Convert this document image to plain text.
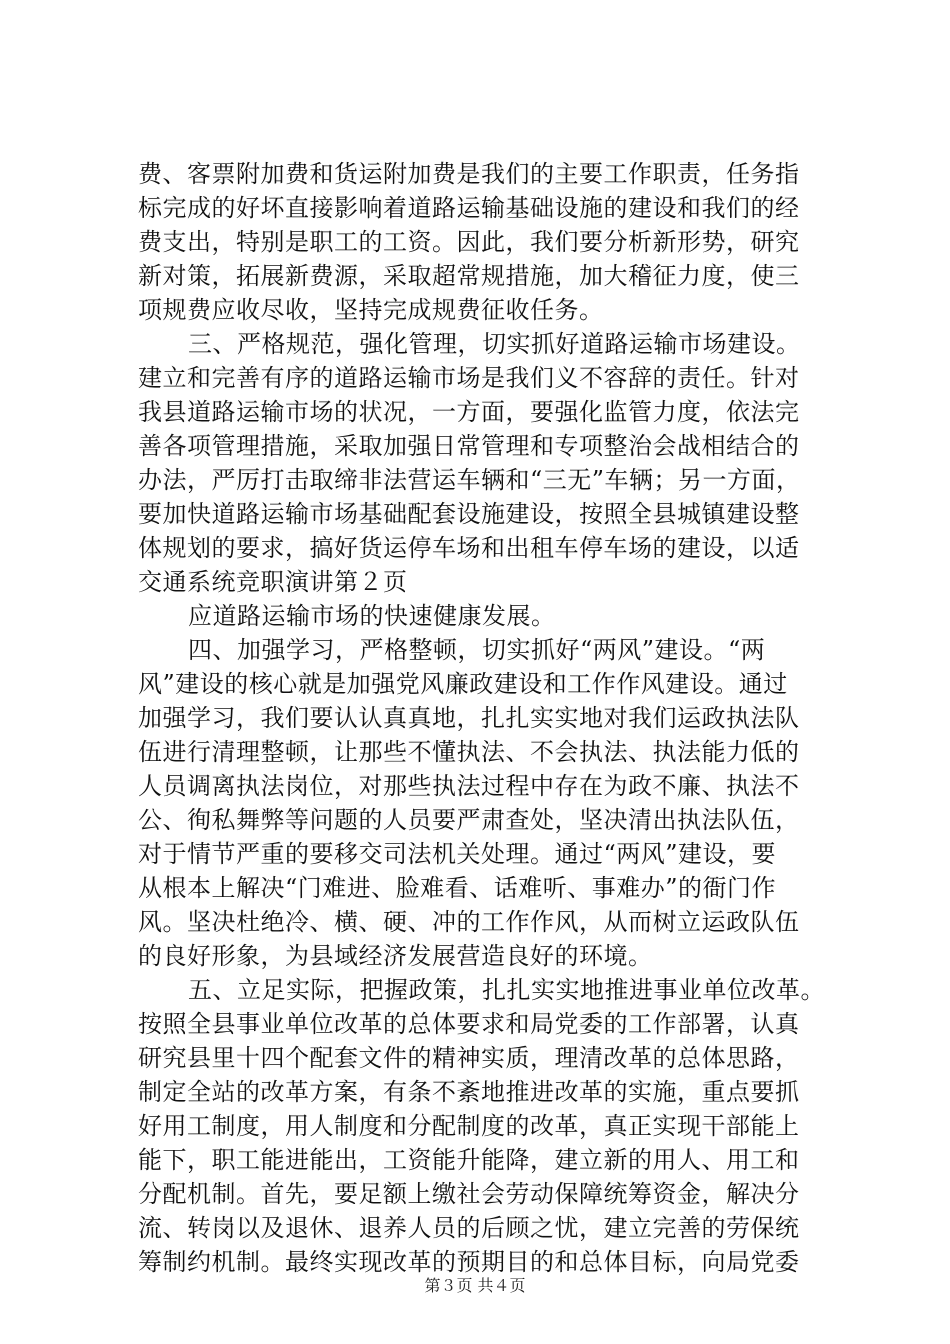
费、客票附加费和货运附加费是我们的主要工作职责，任务指
标完成的好坏直接影响着道路运输基础设施的建设和我们的经
费支出，特别是职工的工资。因此，我们要分析新形势，研究
新对策，拓展新费源，采取超常规措施，加大稽征力度，使三
项规费应收尽收，坚持完成规费征收任务。
三、严格规范，强化管理，切实抓好道路运输市场建设。
建立和完善有序的道路运输市场是我们义不容辞的责任。针对
我县道路运输市场的状况，一方面，要强化监管力度，依法完
善各项管理措施，采取加强日常管理和专项整治会战相结合的
办法，严厉打击取缔非法营运车辆和“三无”车辆；另一方面，
要加快道路运输市场基础配套设施建设，按照全县城镇建设整
体规划的要求，搞好货运停车场和出租车停车场的建设，以适
交通系统竞职演讲第２页
应道路运输市场的快速健康发展。
四、加强学习，严格整顿，切实抓好“两风”建设。“两
风”建设的核心就是加强党风廉政建设和工作作风建设。通过
加强学习，我们要认认真真地，扎扎实实地对我们运政执法队
伍进行清理整顿，让那些不懂执法、不会执法、执法能力低的
人员调离执法岗位，对那些执法过程中存在为政不廉、执法不
公、徇私舞弊等问题的人员要严肃查处，坚决清出执法队伍，
对于情节严重的要移交司法机关处理。通过“两风”建设，要
从根本上解决“门难进、脸难看、话难听、事难办”的衙门作
风。坚决杜绝冷、横、硬、冲的工作作风，从而树立运政队伍
的良好形象，为县域经济发展营造良好的环境。
五、立足实际，把握政策，扎扎实实地推进事业单位改革。
按照全县事业单位改革的总体要求和局党委的工作部署，认真
研究县里十四个配套文件的精神实质，理清改革的总体思路，
制定全站的改革方案，有条不紊地推进改革的实施，重点要抓
好用工制度，用人制度和分配制度的改革，真正实现干部能上
能下，职工能进能出，工资能升能降，建立新的用人、用工和
分配机制。首先，要足额上缴社会劳动保障统筹资金，解决分
流、转岗以及退休、退养人员的后顾之忧，建立完善的劳保统
筹制约机制。最终实现改革的预期目的和总体目标，向局党委
第３页 共４页
